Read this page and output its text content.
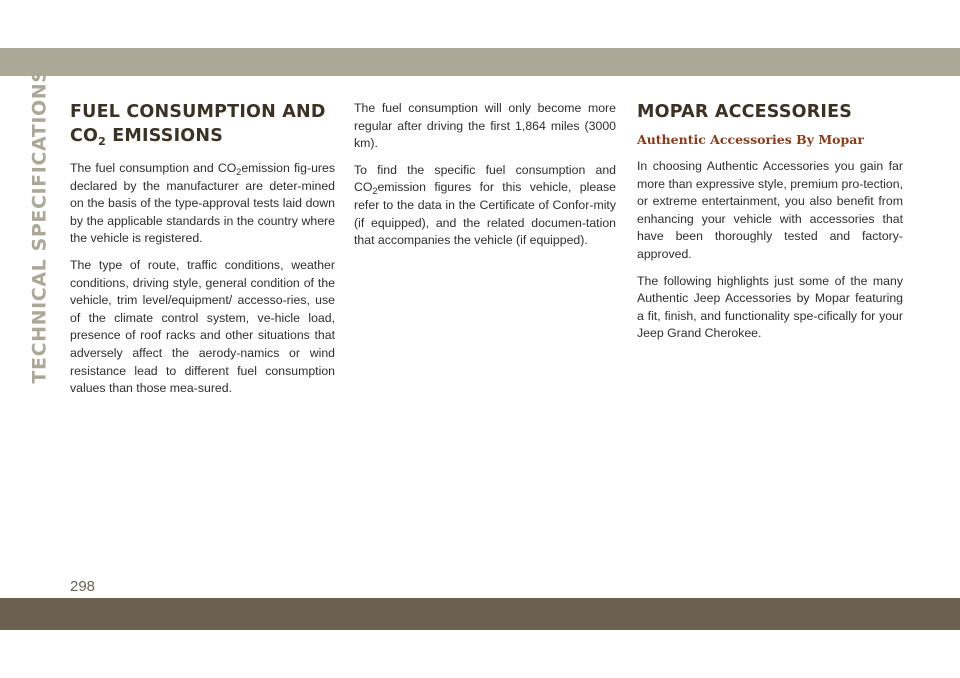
TECHNICAL SPECIFICATIONS FUEL CONSUMPTION AND
$CO_2$ EMISSIONS

The fuel consumption and $CO_2emission$ fig-ures declared by the manufacturer are deter-mined on the basis of the type-approval tests laid down by the applicable standards in the country where the vehicle is registered.

The type of route, traffic conditions, weather conditions, driving style, general condition of the vehicle, trim level/equipment/ accesso-ries, use of the climate control system, ve-hicle load, presence of roof racks and other situations that adversely affect the aerody-namics or wind resistance lead to different fuel consumption values than those mea-sured.

The fuel consumption will only become more regular after driving the first 1,864 miles (3000 km).

To find the specific fuel consumption and $CO_2emission$ figures for this vehicle, please refer to the data in the Certificate of Confor-mity (if equipped), and the related documen-tation that accompanies the vehicle (if equipped).

MOPAR ACCESSORIES
Authentic Accessories By Mopar

In choosing Authentic Accessories you gain far more than expressive style, premium pro-tection, or extreme entertainment, you also benefit from enhancing your vehicle with accessories that have been thoroughly tested and factory-approved.

The following highlights just some of the many Authentic Jeep Accessories by Mopar featuring a fit, finish, and functionality spe-cifically for your Jeep Grand Cherokee.

298
